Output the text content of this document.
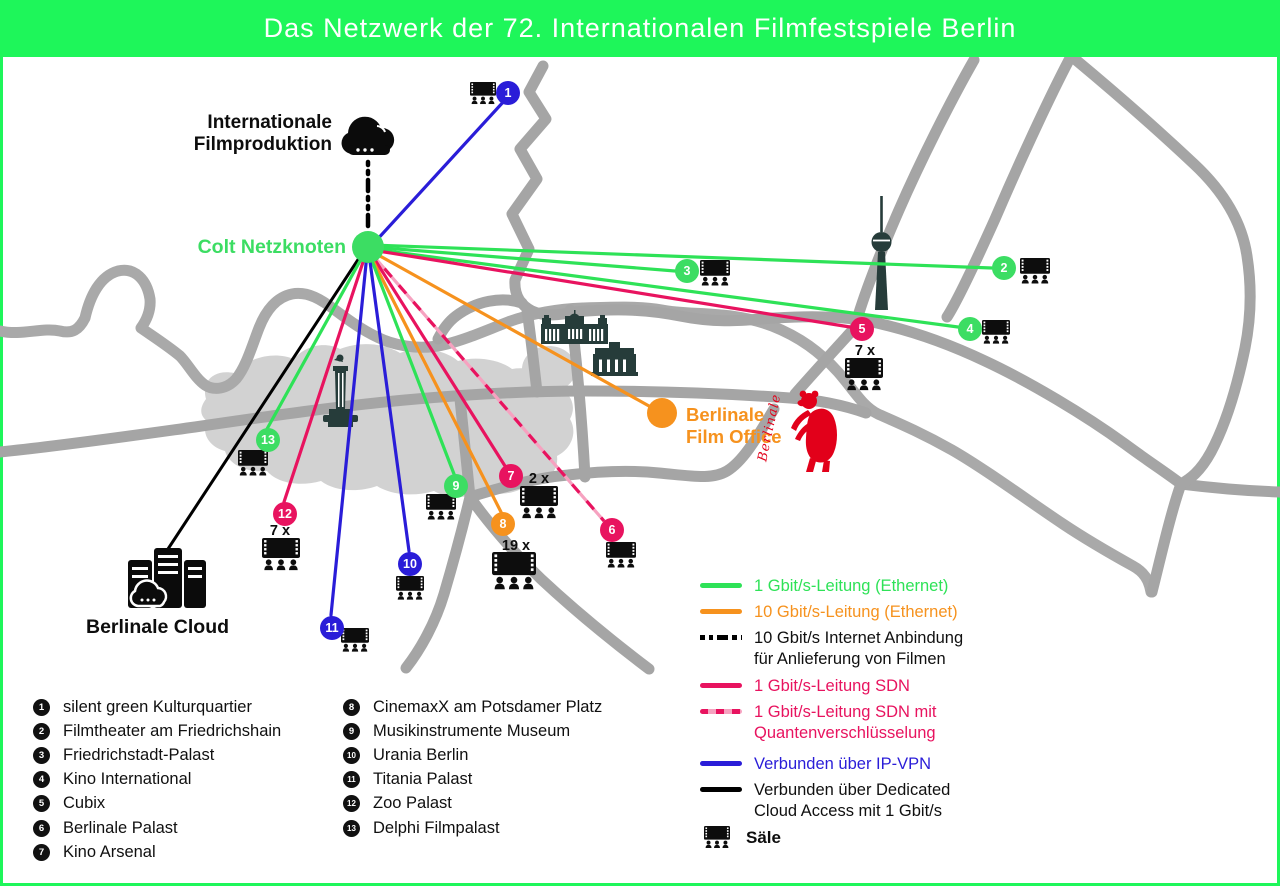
Das Netzwerk der 72. Internationalen Filmfestspiele Berlin
Internationale
Filmproduktion
Colt Netzknoten
Berlinale
Film Office
Berlinale Cloud
Berlinale
1
2
3
4
5
6
7
8
9
10
11
12
13
7 x
2 x
19 x
7 x
1 Gbit/s-Leitung (Ethernet)
10 Gbit/s-Leitung (Ethernet)
10 Gbit/s Internet Anbindung
für Anlieferung von Filmen
1 Gbit/s-Leitung SDN
1 Gbit/s-Leitung SDN mit
Quantenverschlüsselung
Verbunden über IP-VPN
Verbunden über Dedicated
Cloud Access mit 1 Gbit/s
Säle
1	silent green Kulturquartier
2	Filmtheater am Friedrichshain
3	Friedrichstadt-Palast
4	Kino International
5	Cubix
6	Berlinale Palast
7	Kino Arsenal
8	CinemaxX am Potsdamer Platz
9	Musikinstrumente Museum
10 Urania Berlin
11 Titania Palast
12 Zoo Palast
13 Delphi Filmpalast
